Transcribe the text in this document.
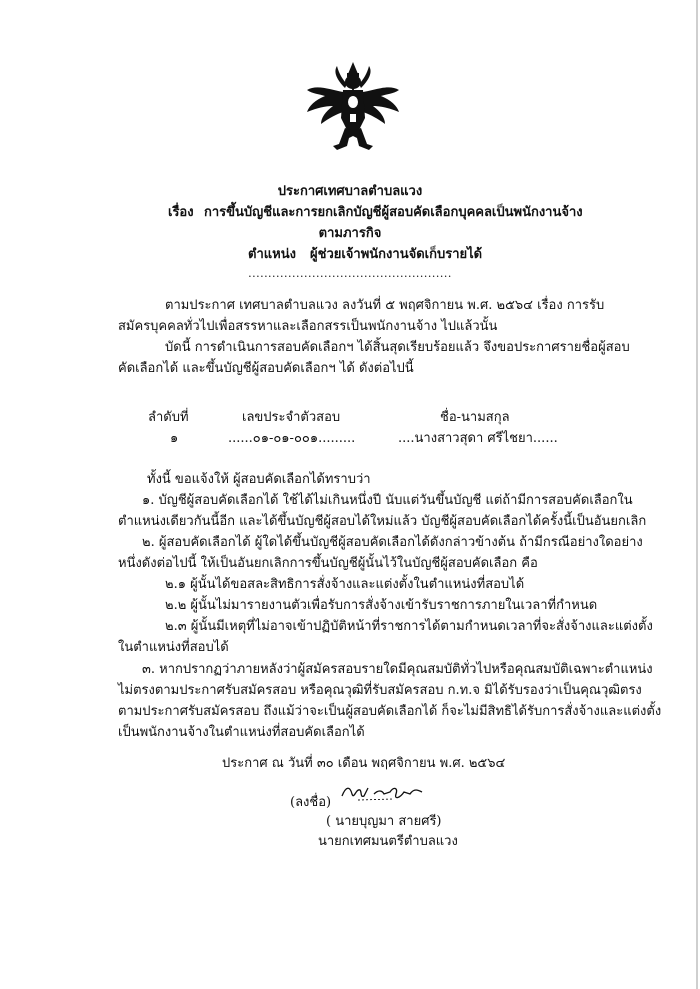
ประกาศเทศบาลตำบลแวง
เรื่อง การขึ้นบัญชีและการยกเลิกบัญชีผู้สอบคัดเลือกบุคคลเป็นพนักงานจ้าง
ตามภารกิจ
ตำแหน่ง ผู้ช่วยเจ้าพนักงานจัดเก็บรายได้
...................................................
ตามประกาศ เทศบาลตำบลแวง ลงวันที่ ๕ พฤศจิกายน พ.ศ. ๒๕๖๔ เรื่อง การรับ
สมัครบุคคลทั่วไปเพื่อสรรหาและเลือกสรรเป็นพนักงานจ้าง ไปแล้วนั้น
บัดนี้ การดำเนินการสอบคัดเลือกฯ ได้สิ้นสุดเรียบร้อยแล้ว จึงขอประกาศรายชื่อผู้สอบ
คัดเลือกได้ และขึ้นบัญชีผู้สอบคัดเลือกฯ ได้ ดังต่อไปนี้
ลำดับที่	เลขประจำตัวสอบ	ชื่อ-นามสกุล
๑	......๐๑-๐๑-๐๐๑.........	....นางสาวสุดา ศรีไชยา......
ทั้งนี้ ขอแจ้งให้ ผู้สอบคัดเลือกได้ทราบว่า
๑. บัญชีผู้สอบคัดเลือกได้ ใช้ได้ไม่เกินหนึ่งปี นับแต่วันขึ้นบัญชี แต่ถ้ามีการสอบคัดเลือกใน
ตำแหน่งเดียวกันนี้อีก และได้ขึ้นบัญชีผู้สอบได้ใหม่แล้ว บัญชีผู้สอบคัดเลือกได้ครั้งนี้เป็นอันยกเลิก
๒. ผู้สอบคัดเลือกได้ ผู้ใดได้ขึ้นบัญชีผู้สอบคัดเลือกได้ดังกล่าวข้างต้น ถ้ามีกรณีอย่างใดอย่าง
หนึ่งดังต่อไปนี้ ให้เป็นอันยกเลิกการขึ้นบัญชีผู้นั้นไว้ในบัญชีผู้สอบคัดเลือก คือ
๒.๑ ผู้นั้นได้ขอสละสิทธิการสั่งจ้างและแต่งตั้งในตำแหน่งที่สอบได้
๒.๒ ผู้นั้นไม่มารายงานตัวเพื่อรับการสั่งจ้างเข้ารับราชการภายในเวลาที่กำหนด
๒.๓ ผู้นั้นมีเหตุที่ไม่อาจเข้าปฏิบัติหน้าที่ราชการได้ตามกำหนดเวลาที่จะสั่งจ้างและแต่งตั้ง
ในตำแหน่งที่สอบได้
๓. หากปรากฏว่าภายหลังว่าผู้สมัครสอบรายใดมีคุณสมบัติทั่วไปหรือคุณสมบัติเฉพาะตำแหน่ง
ไม่ตรงตามประกาศรับสมัครสอบ หรือคุณวุฒิที่รับสมัครสอบ ก.ท.จ มิได้รับรองว่าเป็นคุณวุฒิตรง
ตามประกาศรับสมัครสอบ ถึงแม้ว่าจะเป็นผู้สอบคัดเลือกได้ ก็จะไม่มีสิทธิได้รับการสั่งจ้างและแต่งตั้ง
เป็นพนักงานจ้างในตำแหน่งที่สอบคัดเลือกได้
ประกาศ ณ วันที่ ๓๐ เดือน พฤศจิกายน พ.ศ. ๒๕๖๔
(ลงชื่อ)
( นายบุญมา สายศรี)
นายกเทศมนตรีตำบลแวง
